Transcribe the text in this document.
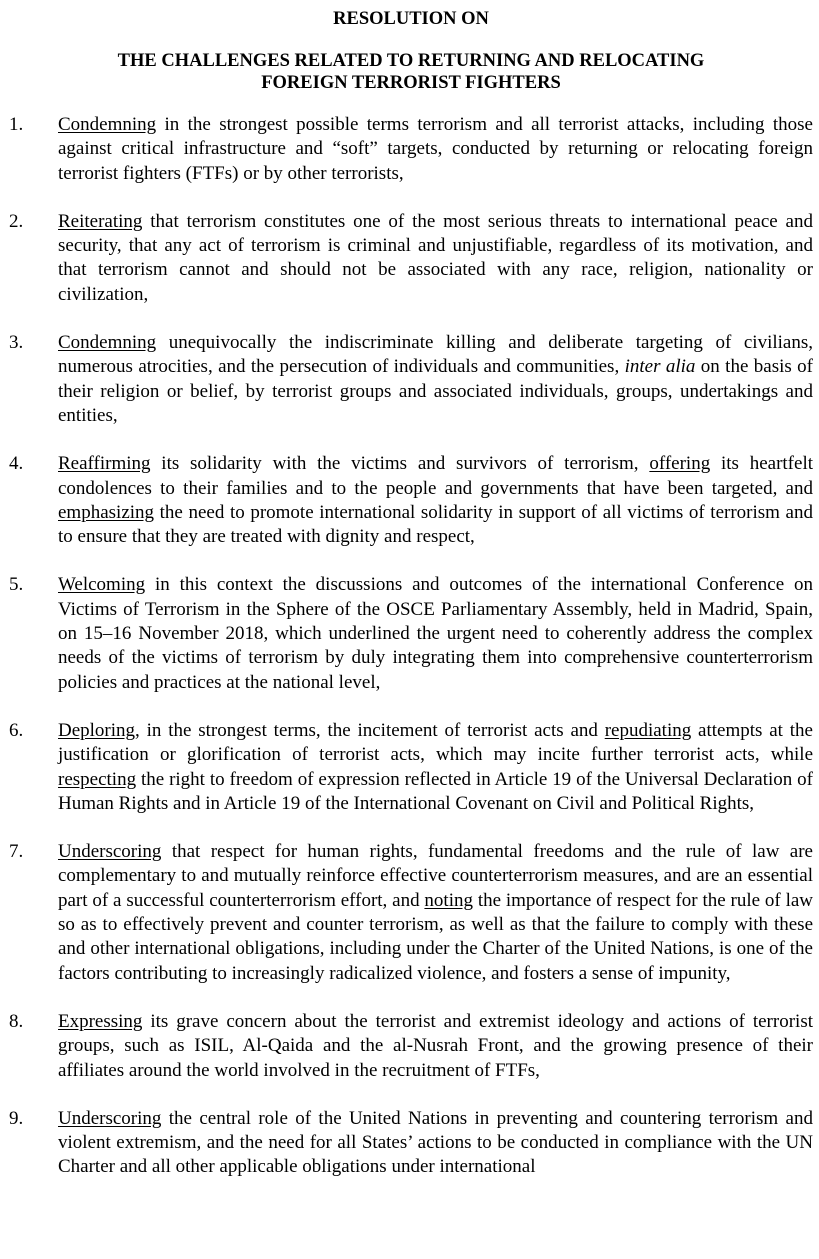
RESOLUTION ON

THE CHALLENGES RELATED TO RETURNING AND RELOCATING
FOREIGN TERRORIST FIGHTERS
1.	Condemning in the strongest possible terms terrorism and all terrorist attacks, including those against critical infrastructure and “soft” targets, conducted by returning or relocating foreign terrorist fighters (FTFs) or by other terrorists,
2.	Reiterating that terrorism constitutes one of the most serious threats to international peace and security, that any act of terrorism is criminal and unjustifiable, regardless of its motivation, and that terrorism cannot and should not be associated with any race, religion, nationality or civilization,
3.	Condemning unequivocally the indiscriminate killing and deliberate targeting of civilians, numerous atrocities, and the persecution of individuals and communities, inter alia on the basis of their religion or belief, by terrorist groups and associated individuals, groups, undertakings and entities,
4.	Reaffirming its solidarity with the victims and survivors of terrorism, offering its heartfelt condolences to their families and to the people and governments that have been targeted, and emphasizing the need to promote international solidarity in support of all victims of terrorism and to ensure that they are treated with dignity and respect,
5.	Welcoming in this context the discussions and outcomes of the international Conference on Victims of Terrorism in the Sphere of the OSCE Parliamentary Assembly, held in Madrid, Spain, on 15–16 November 2018, which underlined the urgent need to coherently address the complex needs of the victims of terrorism by duly integrating them into comprehensive counterterrorism policies and practices at the national level,
6.	Deploring, in the strongest terms, the incitement of terrorist acts and repudiating attempts at the justification or glorification of terrorist acts, which may incite further terrorist acts, while respecting the right to freedom of expression reflected in Article 19 of the Universal Declaration of Human Rights and in Article 19 of the International Covenant on Civil and Political Rights,
7.	Underscoring that respect for human rights, fundamental freedoms and the rule of law are complementary to and mutually reinforce effective counterterrorism measures, and are an essential part of a successful counterterrorism effort, and noting the importance of respect for the rule of law so as to effectively prevent and counter terrorism, as well as that the failure to comply with these and other international obligations, including under the Charter of the United Nations, is one of the factors contributing to increasingly radicalized violence, and fosters a sense of impunity,
8.	Expressing its grave concern about the terrorist and extremist ideology and actions of terrorist groups, such as ISIL, Al-Qaida and the al-Nusrah Front, and the growing presence of their affiliates around the world involved in the recruitment of FTFs,
9.	Underscoring the central role of the United Nations in preventing and countering terrorism and violent extremism, and the need for all States’ actions to be conducted in compliance with the UN Charter and all other applicable obligations under international
